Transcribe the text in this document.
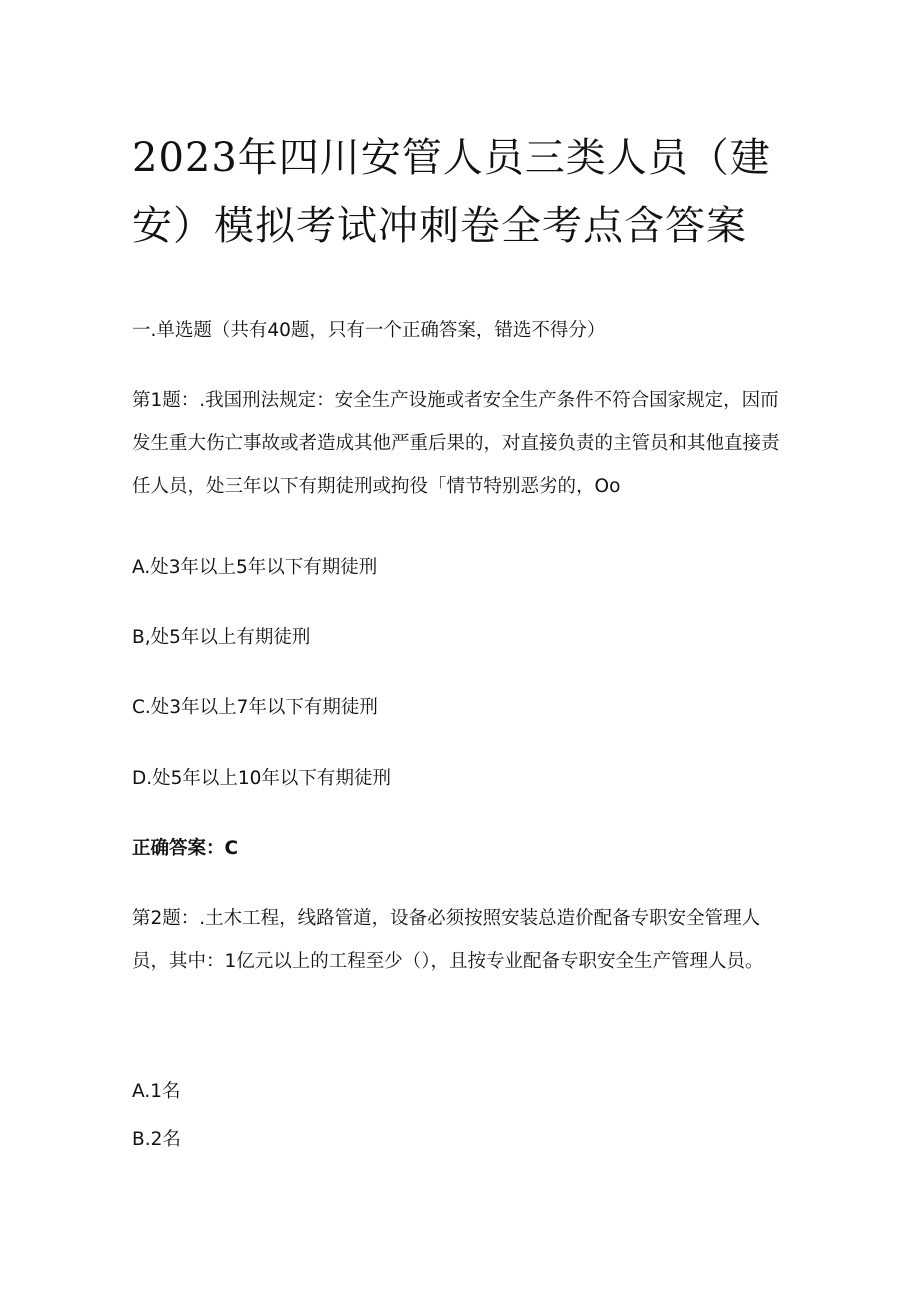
2023年四川安管人员三类人员（建安）模拟考试冲刺卷全考点含答案

一.单选题（共有40题，只有一个正确答案，错选不得分）

第1题：.我国刑法规定：安全生产设施或者安全生产条件不符合国家规定，因而发生重大伤亡事故或者造成其他严重后果的，对直接负责的主管员和其他直接责任人员，处三年以下有期徒刑或拘役「情节特别恶劣的，Oo

A.处3年以上5年以下有期徒刑

B,处5年以上有期徒刑

C.处3年以上7年以下有期徒刑

D.处5年以上10年以下有期徒刑

正确答案：C

第2题：.土木工程，线路管道，设备必须按照安装总造价配备专职安全管理人员，其中：1亿元以上的工程至少（），且按专业配备专职安全生产管理人员。

A.1名

B.2名
